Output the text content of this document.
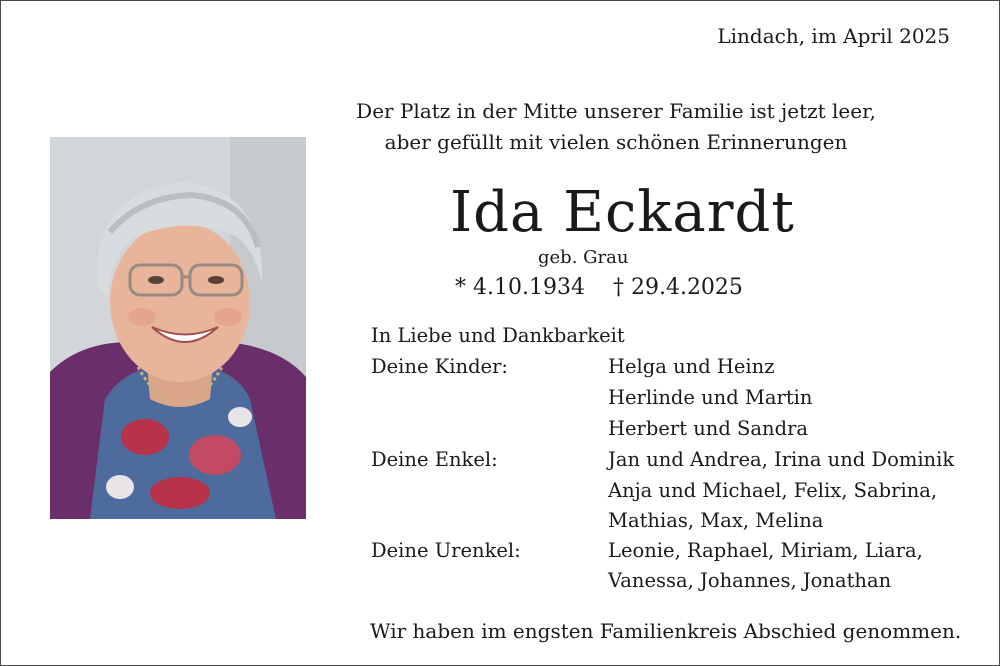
Lindach, im April 2025
Der Platz in der Mitte unserer Familie ist jetzt leer,
aber gefüllt mit vielen schönen Erinnerungen
Ida Eckardt
geb. Grau
* 4.10.1934 † 29.4.2025
In Liebe und Dankbarkeit
Deine Kinder:	Helga und Heinz
Herlinde und Martin
Herbert und Sandra
Deine Enkel:	Jan und Andrea, Irina und Dominik
Anja und Michael, Felix, Sabrina,
Mathias, Max, Melina
Deine Urenkel:	Leonie, Raphael, Miriam, Liara,
Vanessa, Johannes, Jonathan
Wir haben im engsten Familienkreis Abschied genommen.
